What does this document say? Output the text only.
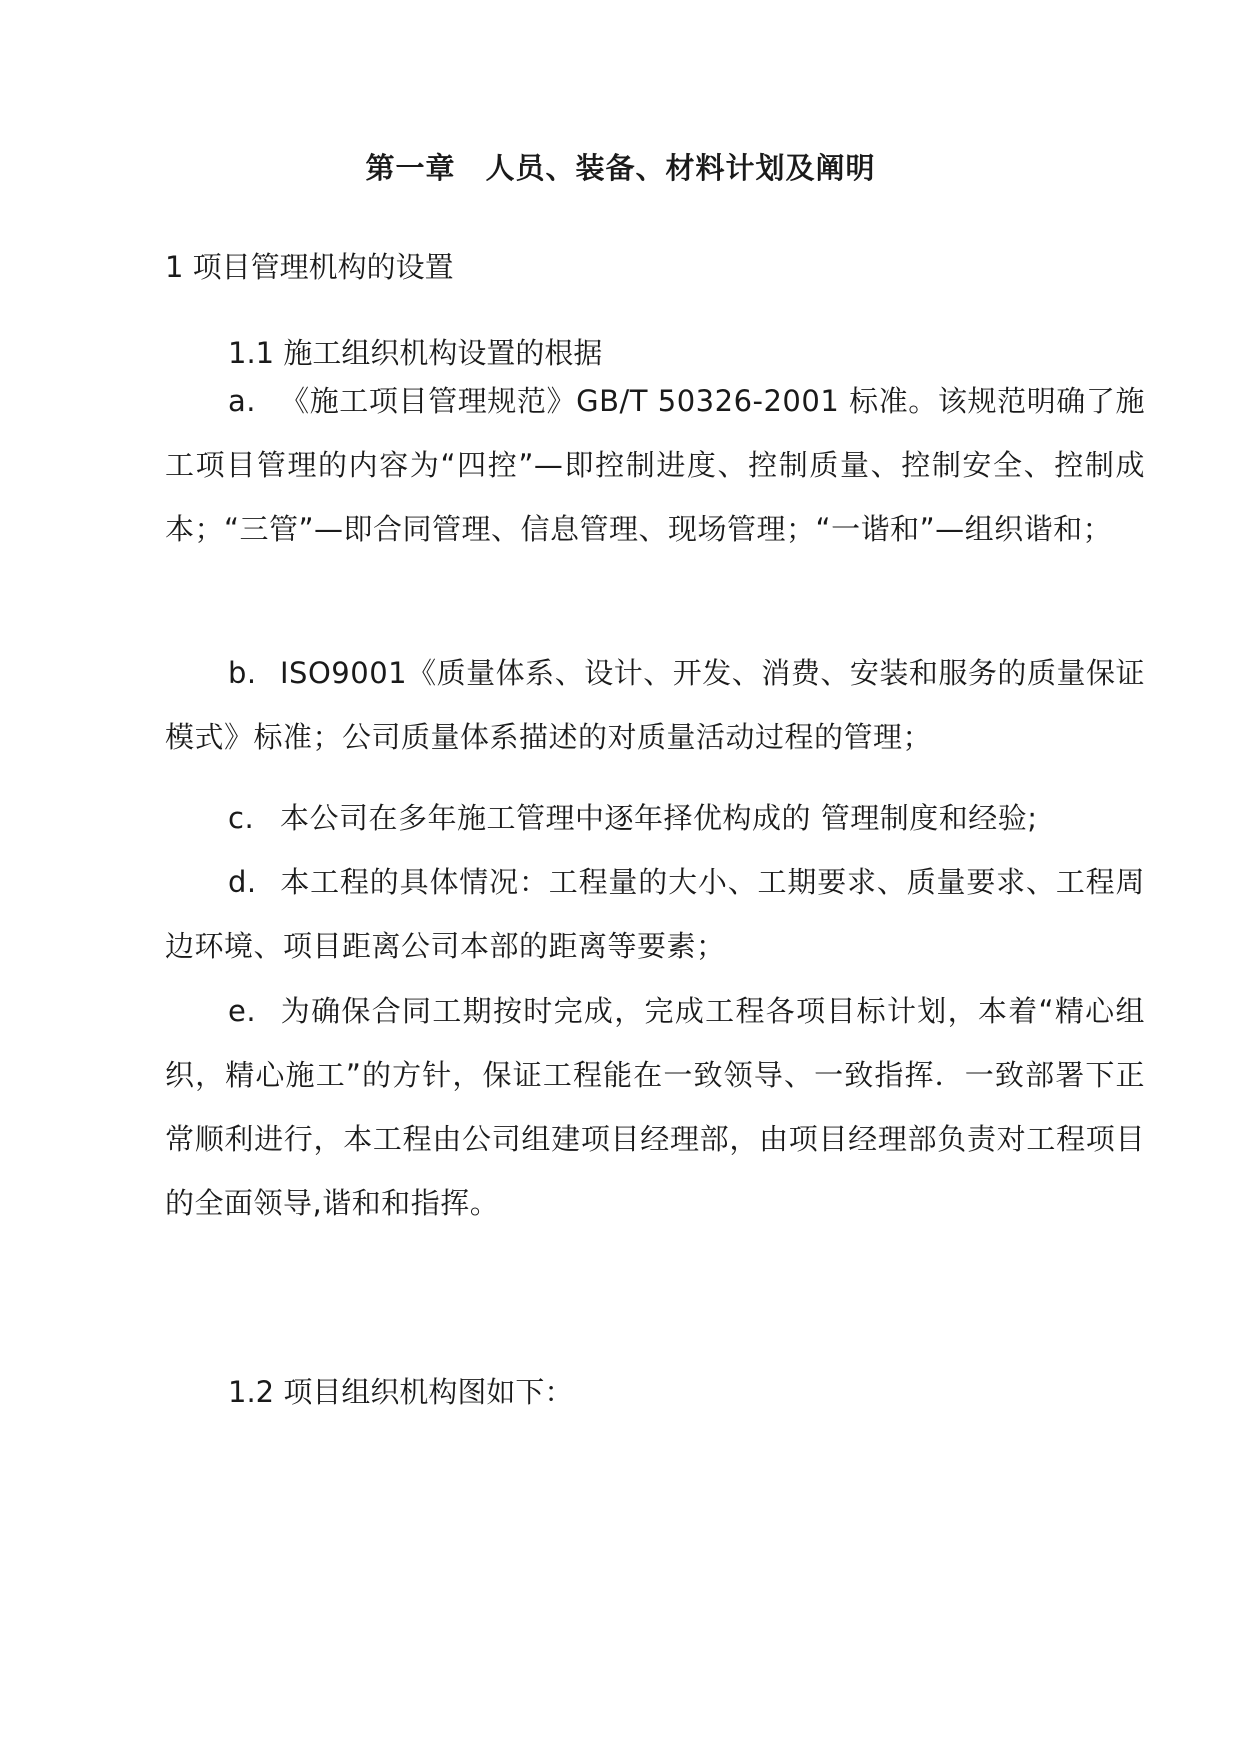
第一章 人员、装备、材料计划及阐明
1 项目管理机构的设置
1.1 施工组织机构设置的根据

a. 《施工项目管理规范》GB/T 50326-2001 标准。该规范明确了施工项目管理的内容为“四控”—即控制进度、控制质量、控制安全、控制成本；“三管”—即合同管理、信息管理、现场管理；“一谐和”—组织谐和；

b. ISO9001《质量体系、设计、开发、消费、安装和服务的质量保证模式》标准；公司质量体系描述的对质量活动过程的管理；

c. 本公司在多年施工管理中逐年择优构成的 管理制度和经验;

d. 本工程的具体情况：工程量的大小、工期要求、质量要求、工程周边环境、项目距离公司本部的距离等要素；

e. 为确保合同工期按时完成，完成工程各项目标计划，本着“精心组织，精心施工”的方针，保证工程能在一致领导、一致指挥．一致部署下正常顺利进行，本工程由公司组建项目经理部，由项目经理部负责对工程项目的全面领导,谐和和指挥。

1.2 项目组织机构图如下：
